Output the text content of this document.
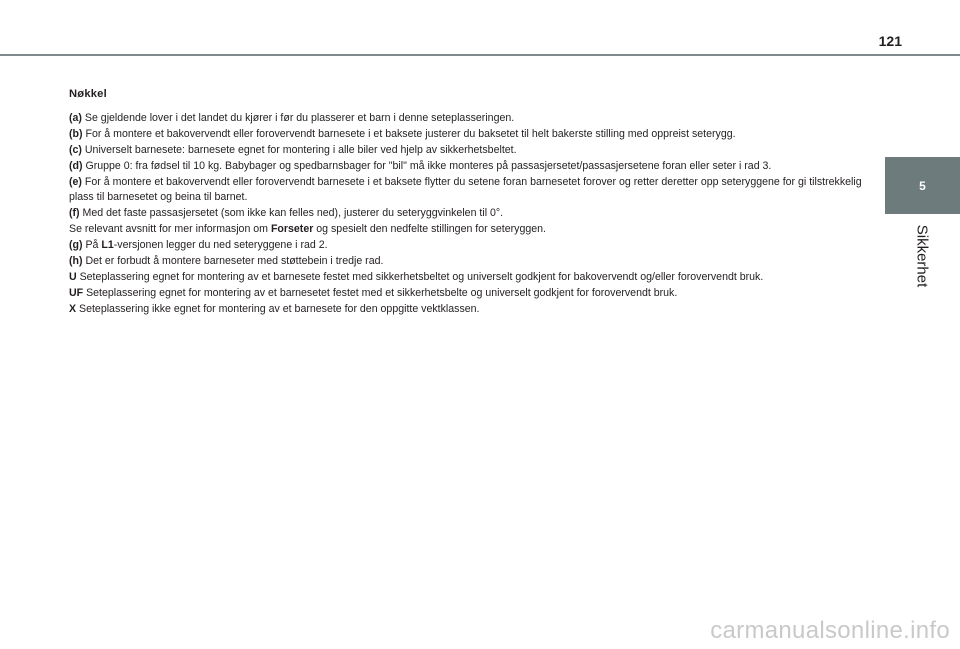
121
5
Sikkerhet
Nøkkel

(a) Se gjeldende lover i det landet du kjører i før du plasserer et barn i denne seteplasseringen.

(b) For å montere et bakovervendt eller forovervendt barnesete i et baksete justerer du baksetet til helt bakerste stilling med oppreist seterygg.

(c) Universelt barnesete: barnesete egnet for montering i alle biler ved hjelp av sikkerhetsbeltet.

(d) Gruppe 0: fra fødsel til 10 kg. Babybager og spedbarnsbager for "bil" må ikke monteres på passasjersetet/passasjersetene foran eller seter i rad 3.

(e) For å montere et bakovervendt eller forovervendt barnesete i et baksete flytter du setene foran barnesetet forover og retter deretter opp seteryggene for gi tilstrekkelig plass til barnesetet og beina til barnet.

(f) Med det faste passasjersetet (som ikke kan felles ned), justerer du seteryggvinkelen til 0°.

Se relevant avsnitt for mer informasjon om Forseter og spesielt den nedfelte stillingen for seteryggen.

(g) På L1-versjonen legger du ned seteryggene i rad 2.

(h) Det er forbudt å montere barneseter med støttebein i tredje rad.

U Seteplassering egnet for montering av et barnesete festet med sikkerhetsbeltet og universelt godkjent for bakovervendt og/eller forovervendt bruk.

UF Seteplassering egnet for montering av et barnesetet festet med et sikkerhetsbelte og universelt godkjent for forovervendt bruk.

X Seteplassering ikke egnet for montering av et barnesete for den oppgitte vektklassen.

carmanualsonline.info
